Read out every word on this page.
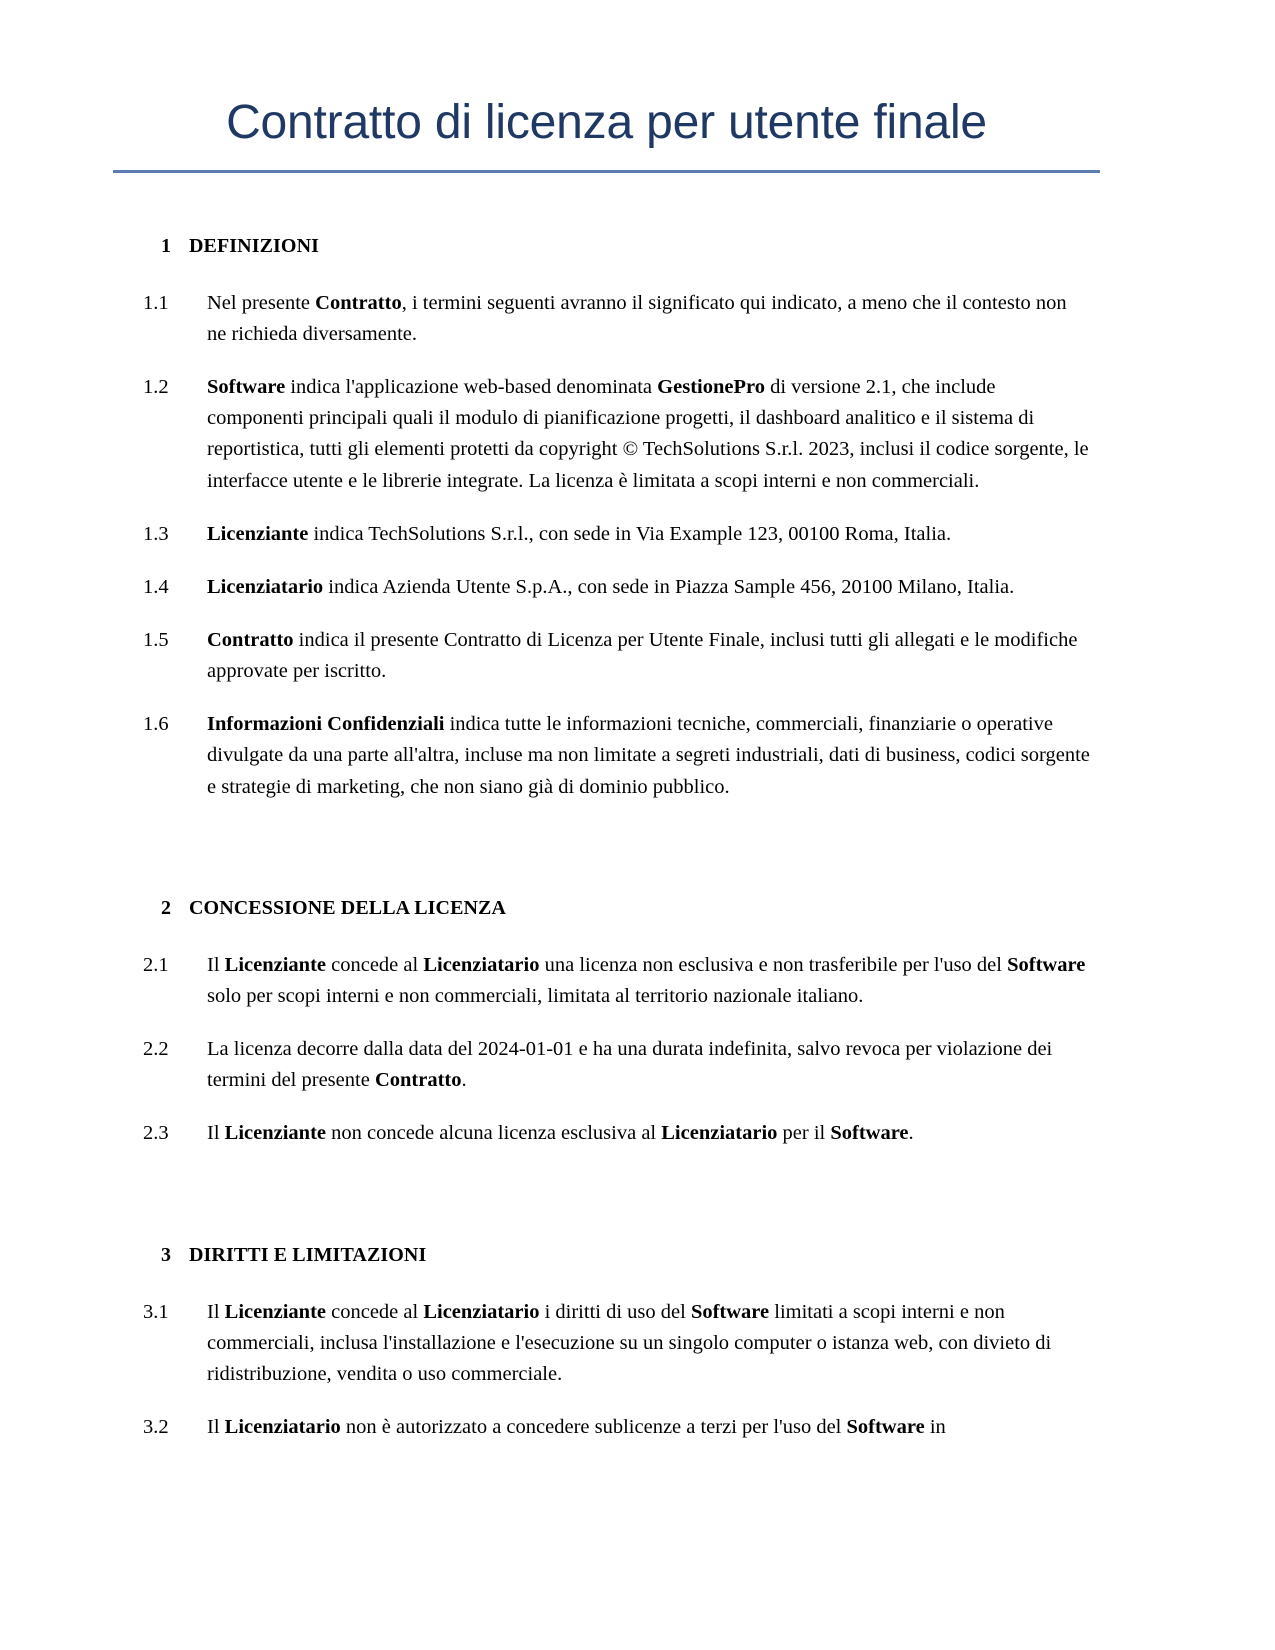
Contratto di licenza per utente finale
1 DEFINIZIONI
1.1	Nel presente Contratto, i termini seguenti avranno il significato qui indicato, a meno che il contesto non ne richieda diversamente.

1.2	Software indica l'applicazione web-based denominata GestionePro di versione 2.1, che include componenti principali quali il modulo di pianificazione progetti, il dashboard analitico e il sistema di reportistica, tutti gli elementi protetti da copyright © TechSolutions S.r.l. 2023, inclusi il codice sorgente, le interfacce utente e le librerie integrate. La licenza è limitata a scopi interni e non commerciali.

1.3	Licenziante indica TechSolutions S.r.l., con sede in Via Example 123, 00100 Roma, Italia.

1.4	Licenziatario indica Azienda Utente S.p.A., con sede in Piazza Sample 456, 20100 Milano, Italia.

1.5	Contratto indica il presente Contratto di Licenza per Utente Finale, inclusi tutti gli allegati e le modifiche approvate per iscritto.

1.6	Informazioni Confidenziali indica tutte le informazioni tecniche, commerciali, finanziarie o operative divulgate da una parte all'altra, incluse ma non limitate a segreti industriali, dati di business, codici sorgente e strategie di marketing, che non siano già di dominio pubblico.

2 CONCESSIONE DELLA LICENZA
2.1	Il Licenziante concede al Licenziatario una licenza non esclusiva e non trasferibile per l'uso del Software solo per scopi interni e non commerciali, limitata al territorio nazionale italiano.

2.2	La licenza decorre dalla data del 2024-01-01 e ha una durata indefinita, salvo revoca per violazione dei termini del presente Contratto.

2.3	Il Licenziante non concede alcuna licenza esclusiva al Licenziatario per il Software.

3 DIRITTI E LIMITAZIONI
3.1	Il Licenziante concede al Licenziatario i diritti di uso del Software limitati a scopi interni e non commerciali, inclusa l'installazione e l'esecuzione su un singolo computer o istanza web, con divieto di ridistribuzione, vendita o uso commerciale.

3.2	Il Licenziatario non è autorizzato a concedere sublicenze a terzi per l'uso del Software in
